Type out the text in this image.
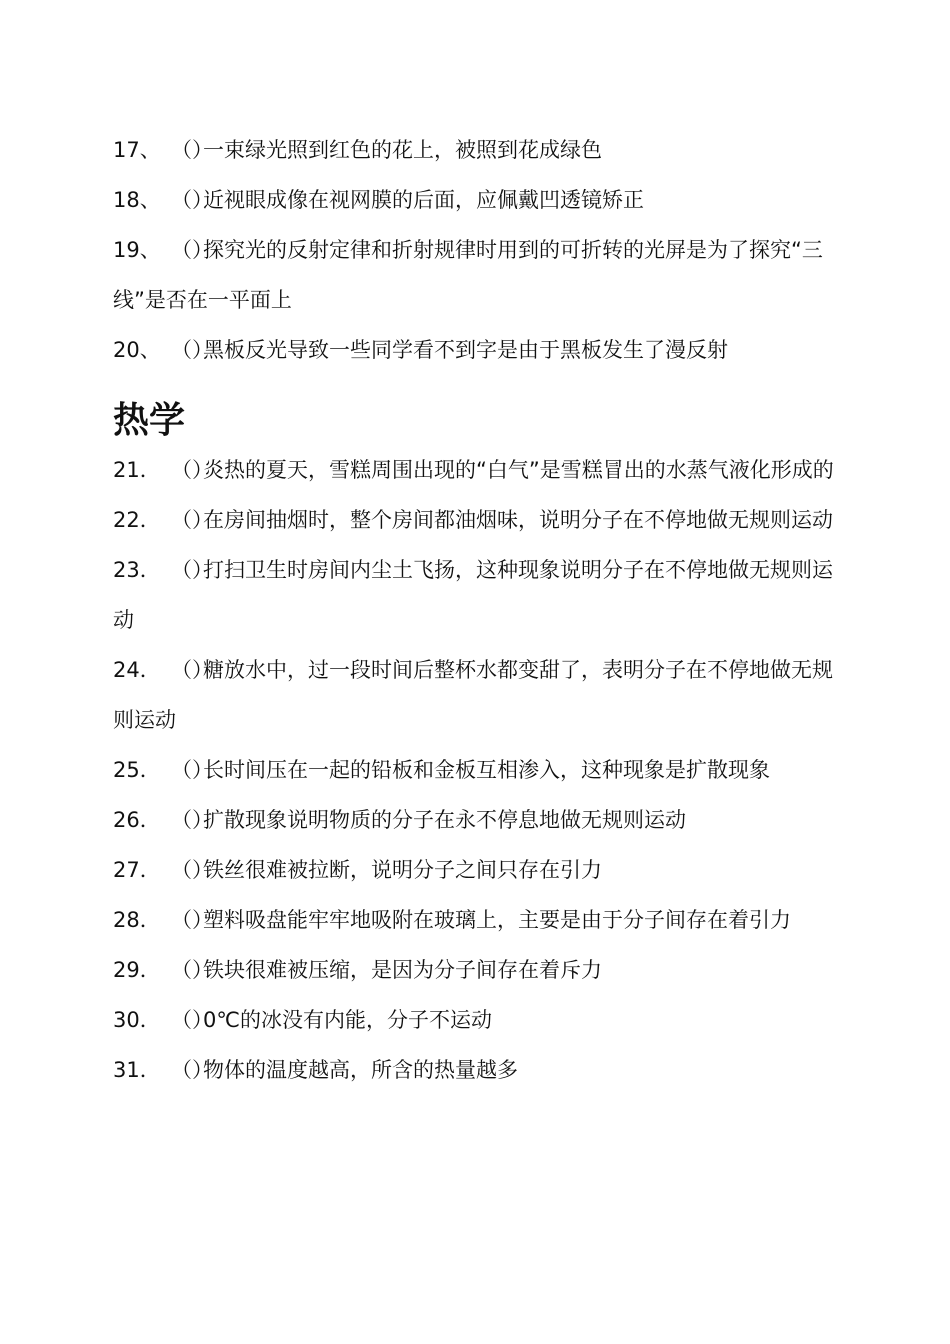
17、 （）一束绿光照到红色的花上，被照到花成绿色
18、 （）近视眼成像在视网膜的后面，应佩戴凹透镜矫正
19、 （）探究光的反射定律和折射规律时用到的可折转的光屏是为了探究“三线”是否在一平面上
20、 （）黑板反光导致一些同学看不到字是由于黑板发生了漫反射
热学
21． （）炎热的夏天，雪糕周围出现的“白气”是雪糕冒出的水蒸气液化形成的
22． （）在房间抽烟时，整个房间都油烟味，说明分子在不停地做无规则运动
23． （）打扫卫生时房间内尘土飞扬，这种现象说明分子在不停地做无规则运动
24． （）糖放水中，过一段时间后整杯水都变甜了，表明分子在不停地做无规则运动
25． （）长时间压在一起的铅板和金板互相渗入，这种现象是扩散现象
26． （）扩散现象说明物质的分子在永不停息地做无规则运动
27． （）铁丝很难被拉断，说明分子之间只存在引力
28． （）塑料吸盘能牢牢地吸附在玻璃上，主要是由于分子间存在着引力
29． （）铁块很难被压缩，是因为分子间存在着斥力
30． （）0℃的冰没有内能，分子不运动
31． （）物体的温度越高，所含的热量越多
